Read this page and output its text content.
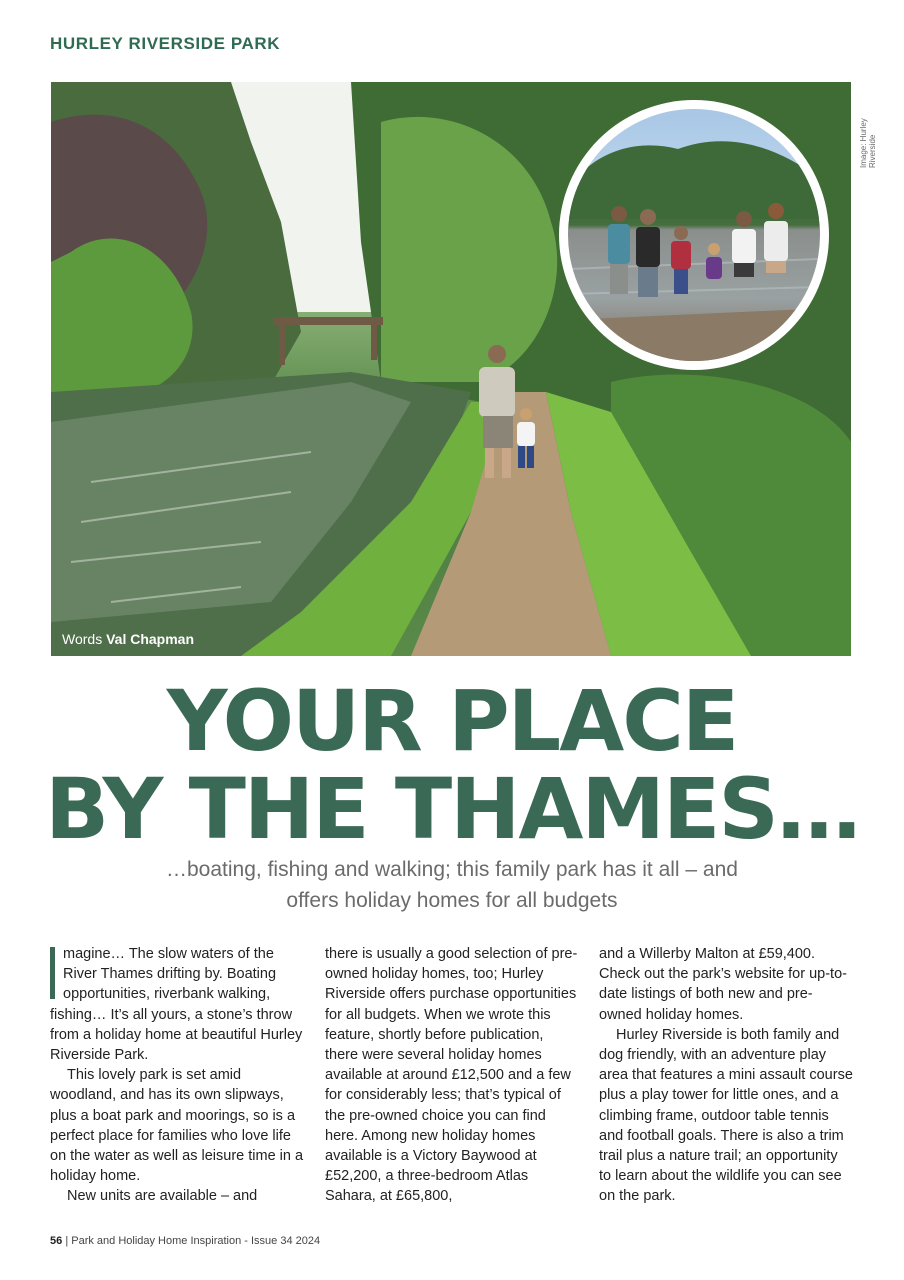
HURLEY RIVERSIDE PARK
Image: Hurley Riverside
Words Val Chapman
YOUR PLACE
BY THE THAMES…
…boating, fishing and walking; this family park has it all – and
offers holiday homes for all budgets

magine… The slow waters of the River Thames drifting by. Boating opportunities, riverbank walking, fishing… It’s all yours, a stone’s throw from a holiday home at beautiful Hurley Riverside Park.

This lovely park is set amid woodland, and has its own slipways, plus a boat park and moorings, so is a perfect place for families who love life on the water as well as leisure time in a holiday home.

New units are available – and

there is usually a good selection of pre-owned holiday homes, too; Hurley Riverside offers purchase opportunities for all budgets. When we wrote this feature, shortly before publication, there were several holiday homes available at around £12,500 and a few for considerably less; that’s typical of the pre-owned choice you can find here. Among new holiday homes available is a Victory Baywood at £52,200, a three-bedroom Atlas Sahara, at £65,800,

and a Willerby Malton at £59,400. Check out the park’s website for up-to-date listings of both new and pre-owned holiday homes.

Hurley Riverside is both family and dog friendly, with an adventure play area that features a mini assault course plus a play tower for little ones, and a climbing frame, outdoor table tennis and football goals. There is also a trim trail plus a nature trail; an opportunity to learn about the wildlife you can see on the park.

56 | Park and Holiday Home Inspiration - Issue 34 2024
